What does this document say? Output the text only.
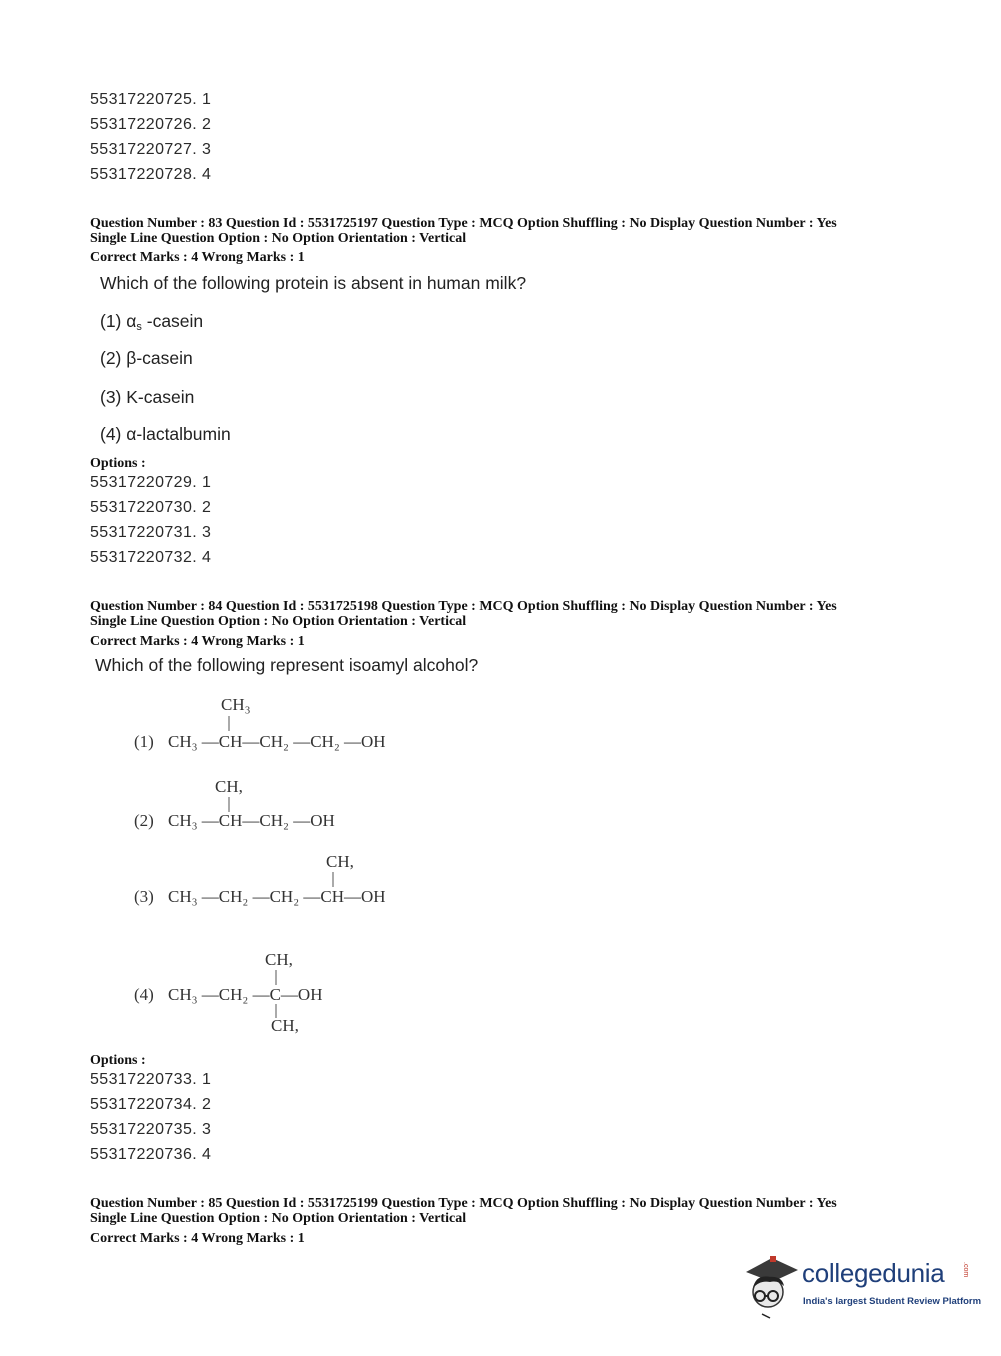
55317220725. 1
55317220726. 2
55317220727. 3
55317220728. 4
Question Number : 83 Question Id : 5531725197 Question Type : MCQ Option Shuffling : No Display Question Number : Yes
Single Line Question Option : No Option Orientation : Vertical
Correct Marks : 4 Wrong Marks : 1
Which of the following protein is absent in human milk?
(1) $\alpha_s$ -casein
(2) β-casein
(3) K-casein
(4) α-lactalbumin
Options :
55317220729. 1
55317220730. 2
55317220731. 3
55317220732. 4
Question Number : 84 Question Id : 5531725198 Question Type : MCQ Option Shuffling : No Display Question Number : Yes
Single Line Question Option : No Option Orientation : Vertical
Correct Marks : 4 Wrong Marks : 1
Which of the following represent isoamyl alcohol?
CH₃
(1) CH₃ —CH—CH₂ —CH₂ —OH
CH,
(2) CH₃ —CH—CH₂ —OH
CH,
(3) CH₃ —CH₂ —CH₂ —CH—OH
CH,
(4) CH₃ —CH₂ —C—OH
CH,
Options :
55317220733. 1
55317220734. 2
55317220735. 3
55317220736. 4
Question Number : 85 Question Id : 5531725199 Question Type : MCQ Option Shuffling : No Display Question Number : Yes
Single Line Question Option : No Option Orientation : Vertical
Correct Marks : 4 Wrong Marks : 1
collegedunia	.com
India's largest Student Review Platform
